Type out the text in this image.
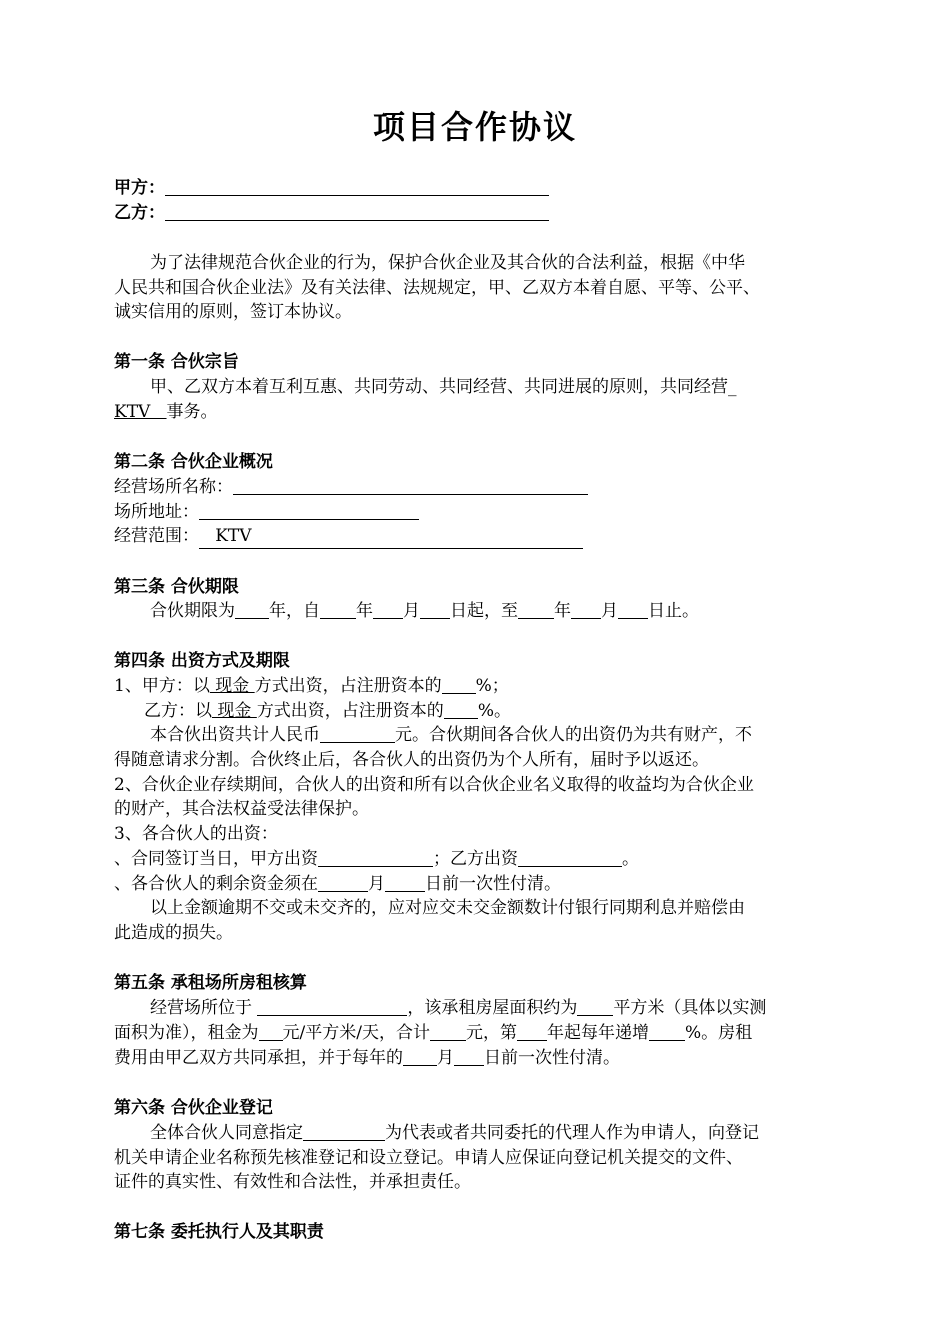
项目合作协议
甲方：
乙方：
为了法律规范合伙企业的行为，保护合伙企业及其合伙的合法利益，根据《中华
人民共和国合伙企业法》及有关法律、法规规定，甲、乙双方本着自愿、平等、公平、
诚实信用的原则，签订本协议。
第一条 合伙宗旨
甲、乙双方本着互利互惠、共同劳动、共同经营、共同进展的原则，共同经营_
KTV   事务。
第二条 合伙企业概况
经营场所名称：
场所地址：
经营范围：   KTV
第三条 合伙期限
合伙期限为 年，自 年 月 日起，至 年 月 日止。
第四条 出资方式及期限
1、甲方：以 现金 方式出资，占注册资本的 %；
乙方：以 现金 方式出资，占注册资本的 %。
本合伙出资共计人民币	元。合伙期间各合伙人的出资仍为共有财产，不
得随意请求分割。合伙终止后，各合伙人的出资仍为个人所有，届时予以返还。
2、合伙企业存续期间，合伙人的出资和所有以合伙企业名义取得的收益均为合伙企业
的财产，其合法权益受法律保护。
3、各合伙人的出资：
、合同签订当日，甲方出资	；乙方出资	。
、各合伙人的剩余资金须在	月 日前一次性付清。
以上金额逾期不交或未交齐的，应对应交未交金额数计付银行同期利息并赔偿由
此造成的损失。
第五条 承租场所房租核算
经营场所位于	，该承租房屋面积约为 平方米（具体以实测
面积为准），租金为 元/平方米/天，合计 元，第 年起每年递增 %。房租
费用由甲乙双方共同承担，并于每年的 月 日前一次性付清。
第六条 合伙企业登记
全体合伙人同意指定	为代表或者共同委托的代理人作为申请人，向登记
机关申请企业名称预先核准登记和设立登记。申请人应保证向登记机关提交的文件、
证件的真实性、有效性和合法性，并承担责任。
第七条 委托执行人及其职责
